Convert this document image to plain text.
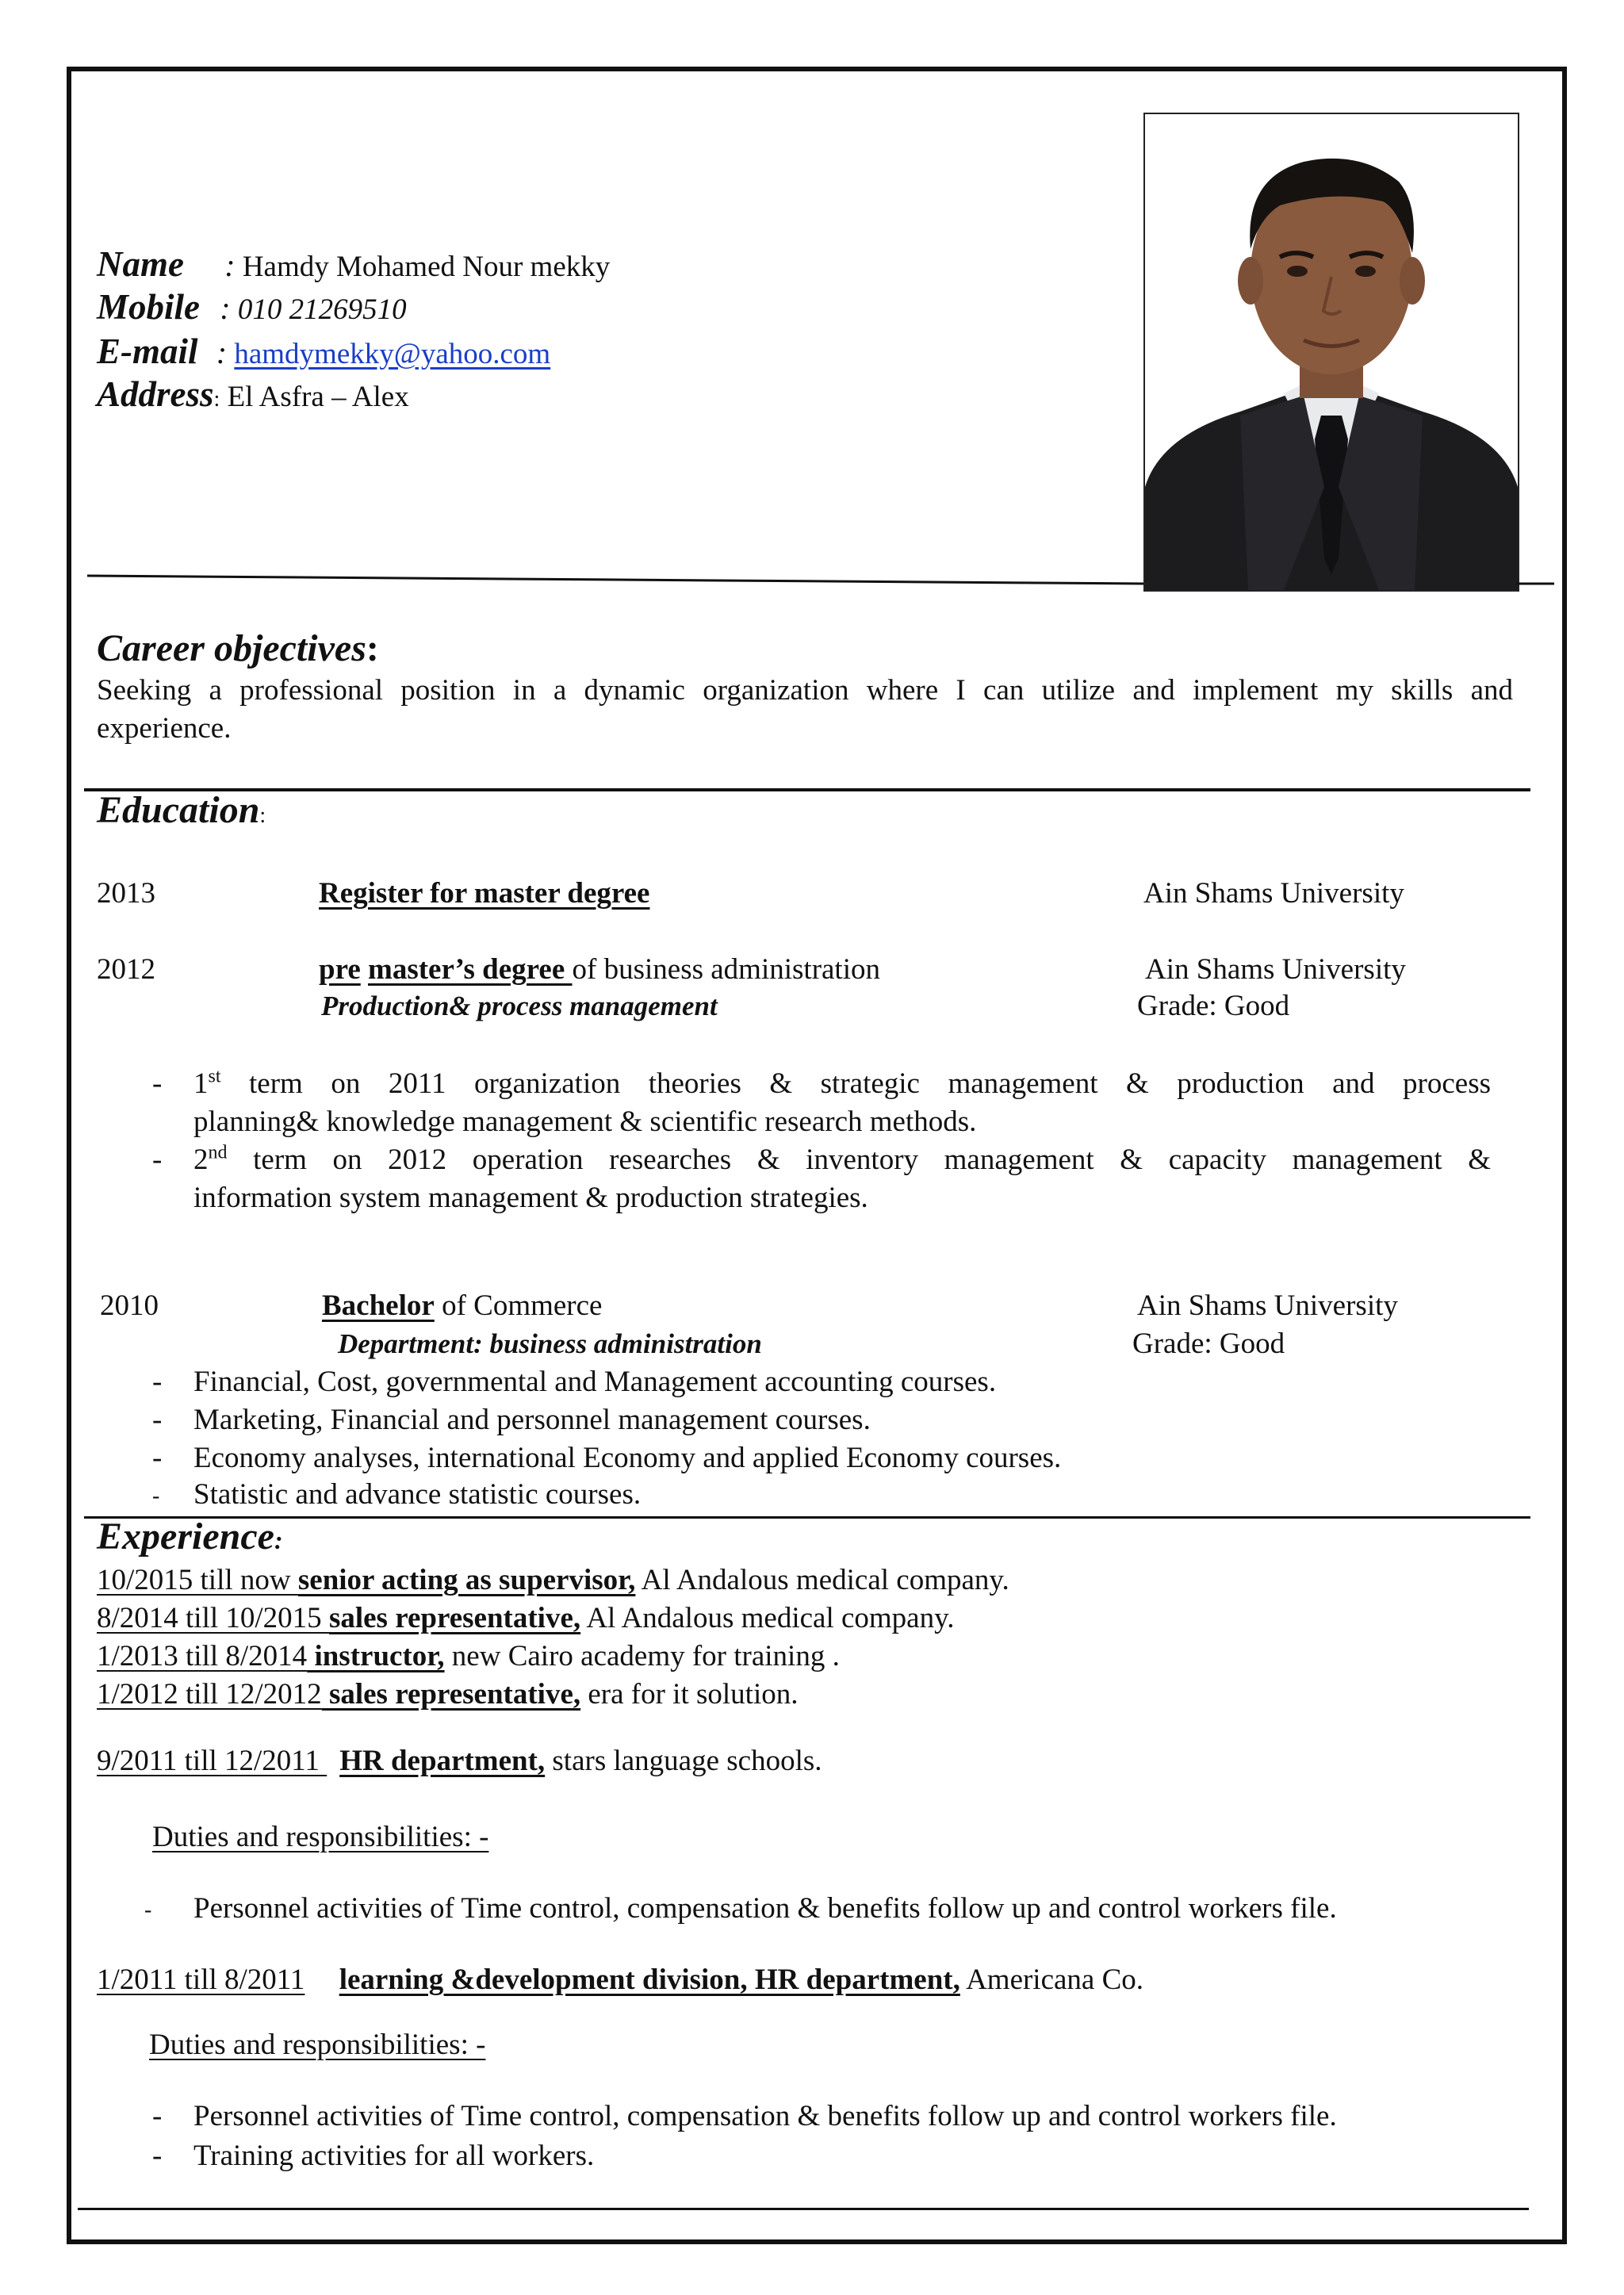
Name : Hamdy Mohamed Nour mekky
Mobile : 010 21269510
E-mail : hamdymekky@yahoo.com
Address: El Asfra – Alex
Career objectives:
Seeking a professional position in a dynamic organization where I can utilize and implement my skills and
experience.
Education:
2013	Register for master degree	Ain Shams University
2012	pre master’s degree of business administration	Ain Shams University
Production& process management	Grade: Good
- 1st term on 2011 organization theories & strategic management & production and process
planning& knowledge management & scientific research methods.
- 2nd term on 2012 operation researches & inventory management & capacity management &
information system management & production strategies.
2010	Bachelor of Commerce	Ain Shams University
Department: business administration	Grade: Good
- Financial, Cost, governmental and Management accounting courses.
- Marketing, Financial and personnel management courses.
- Economy analyses, international Economy and applied Economy courses.
- Statistic and advance statistic courses.
Experience:
10/2015 till now senior acting as supervisor, Al Andalous medical company.
8/2014 till 10/2015 sales representative, Al Andalous medical company.
1/2013 till 8/2014 instructor, new Cairo academy for training .
1/2012 till 12/2012 sales representative, era for it solution.
9/2011 till 12/2011 HR department, stars language schools.
Duties and responsibilities: -
- Personnel activities of Time control, compensation & benefits follow up and control workers file.
1/2011 till 8/2011 learning &development division, HR department, Americana Co.
Duties and responsibilities: -
- Personnel activities of Time control, compensation & benefits follow up and control workers file.
- Training activities for all workers.
